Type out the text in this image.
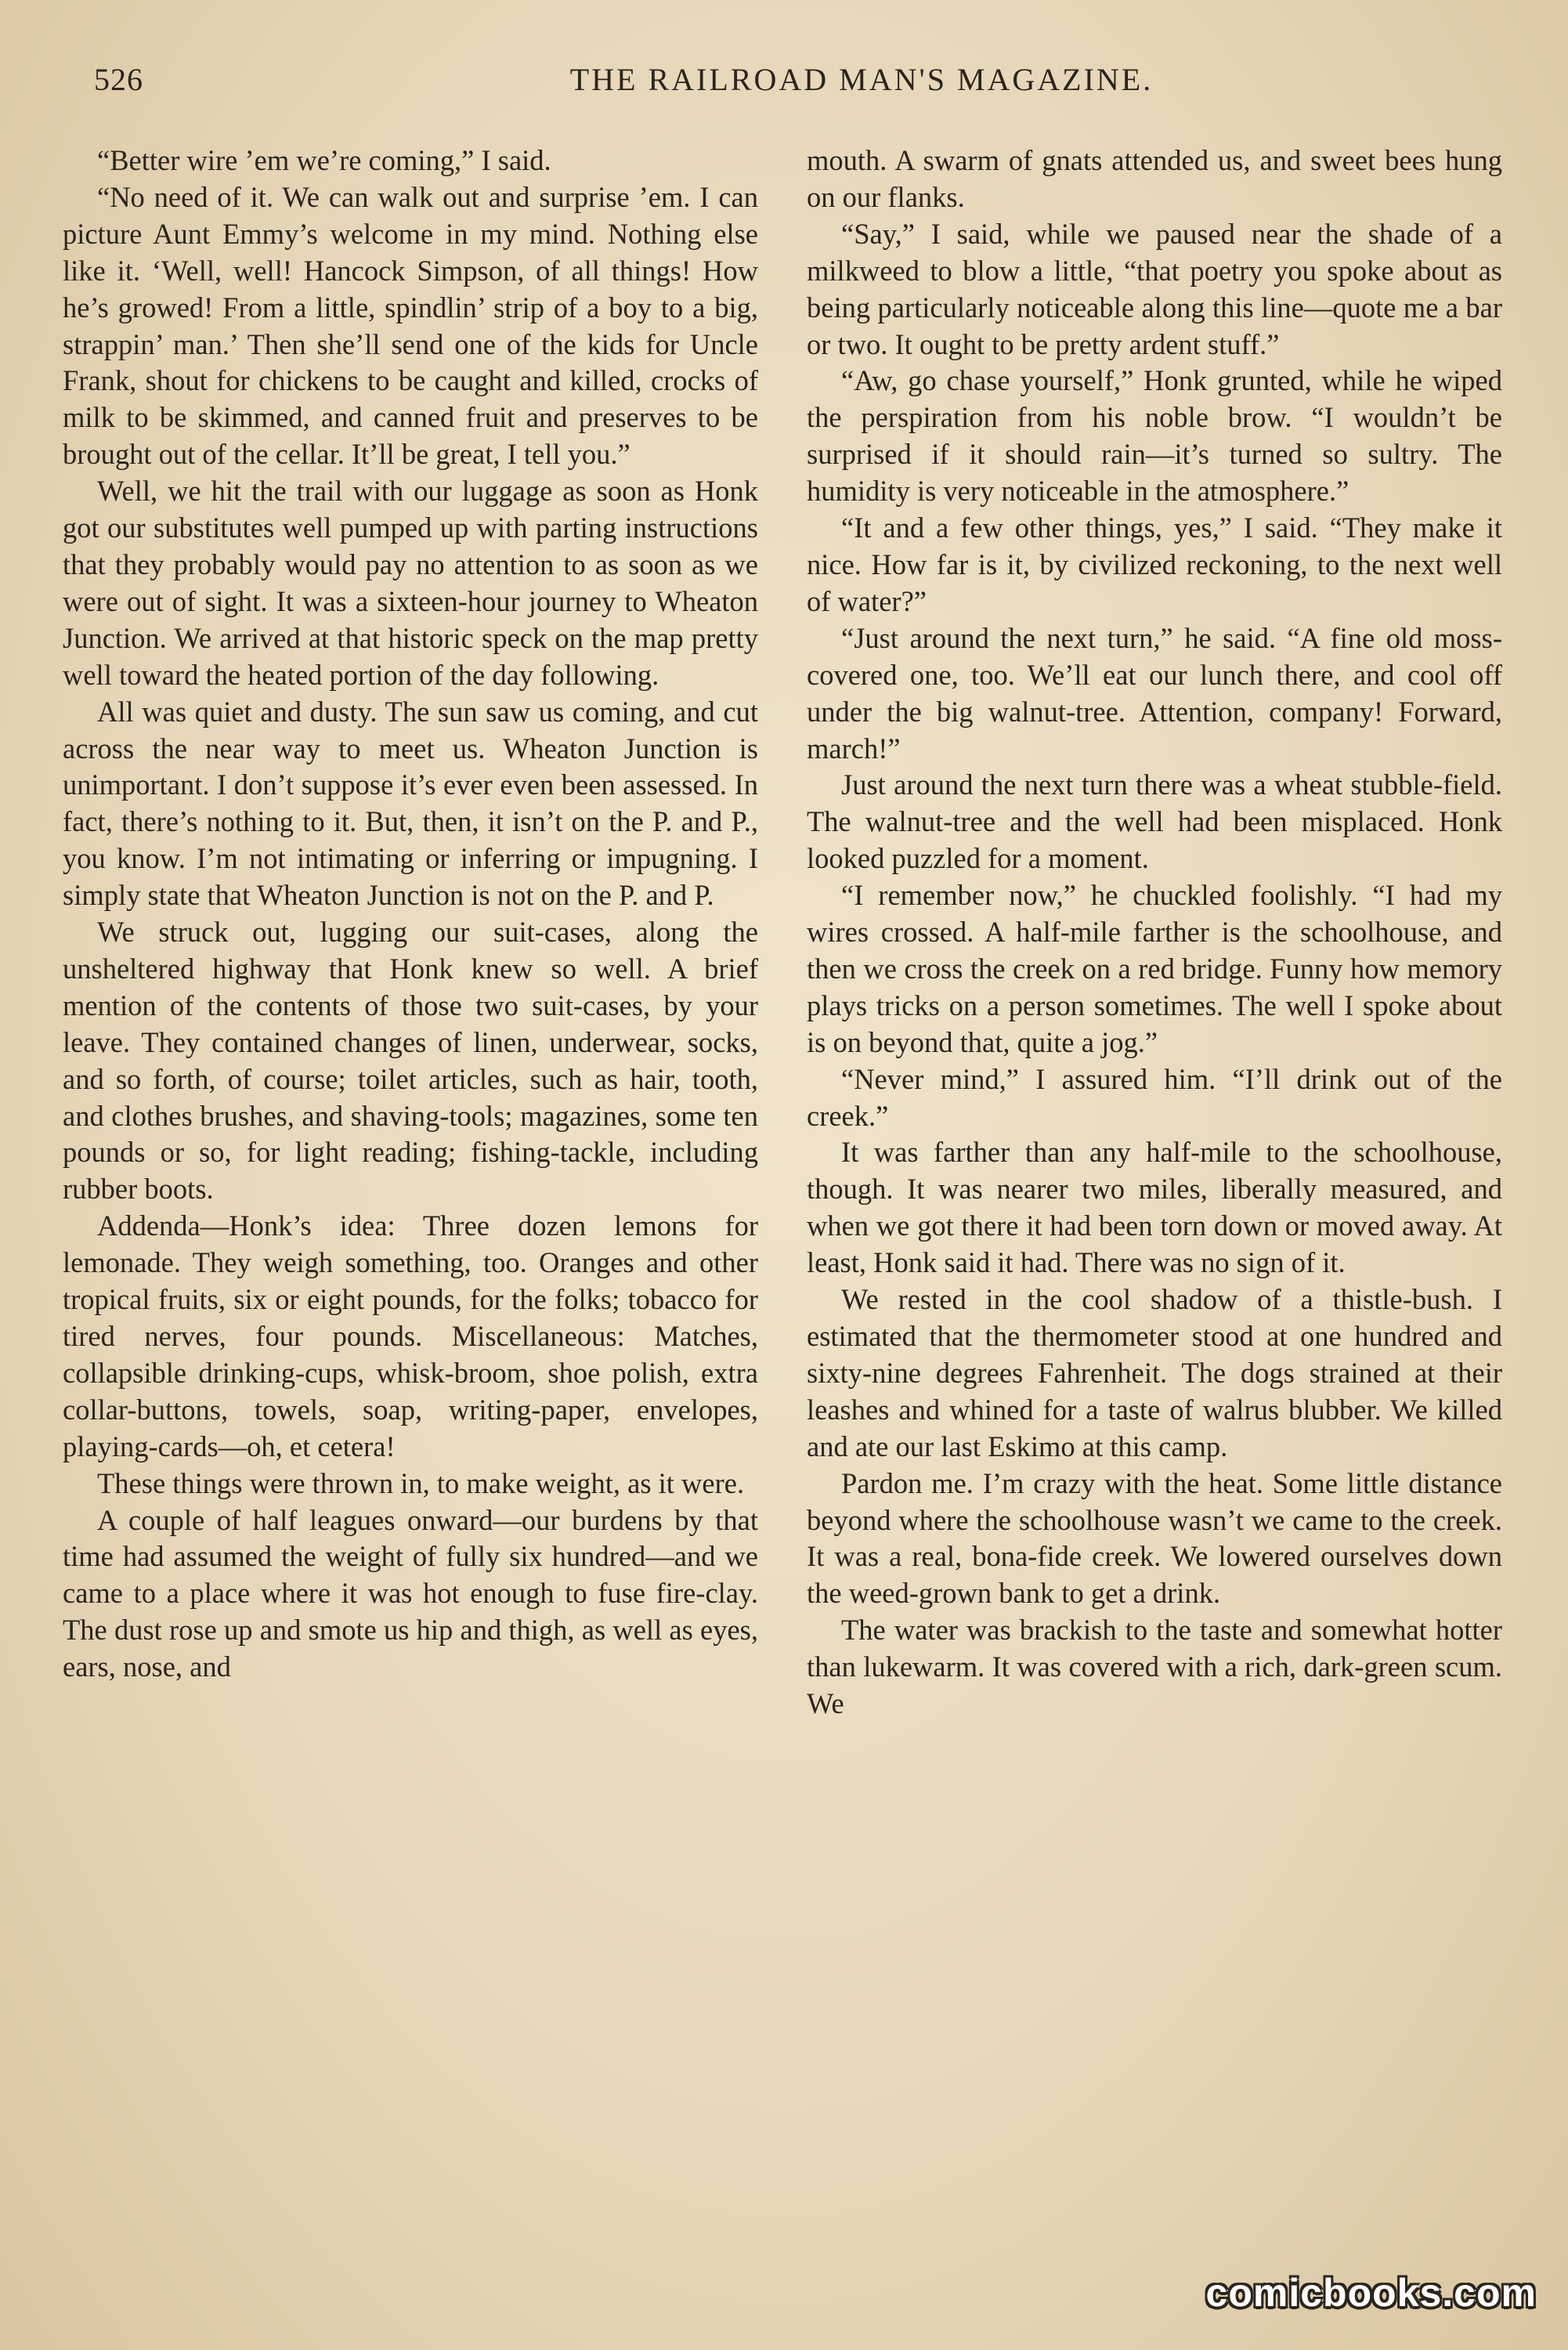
526	THE RAILROAD MAN'S MAGAZINE.

“Better wire ’em we’re coming,” I said.

“No need of it. We can walk out and surprise ’em. I can picture Aunt Emmy’s welcome in my mind. Nothing else like it. ‘Well, well! Hancock Simpson, of all things! How he’s growed! From a little, spindlin’ strip of a boy to a big, strappin’ man.’ Then she’ll send one of the kids for Uncle Frank, shout for chickens to be caught and killed, crocks of milk to be skimmed, and canned fruit and preserves to be brought out of the cellar. It’ll be great, I tell you.”

Well, we hit the trail with our luggage as soon as Honk got our substitutes well pumped up with parting instructions that they probably would pay no attention to as soon as we were out of sight. It was a sixteen-hour journey to Wheaton Junction. We arrived at that historic speck on the map pretty well toward the heated portion of the day following.

All was quiet and dusty. The sun saw us coming, and cut across the near way to meet us. Wheaton Junction is unimportant. I don’t suppose it’s ever even been assessed. In fact, there’s nothing to it. But, then, it isn’t on the P. and P., you know. I’m not intimating or inferring or impugning. I simply state that Wheaton Junction is not on the P. and P.

We struck out, lugging our suit-cases, along the unsheltered highway that Honk knew so well. A brief mention of the contents of those two suit-cases, by your leave. They contained changes of linen, underwear, socks, and so forth, of course; toilet articles, such as hair, tooth, and clothes brushes, and shaving-tools; magazines, some ten pounds or so, for light reading; fishing-tackle, including rubber boots.

Addenda—Honk’s idea: Three dozen lemons for lemonade. They weigh something, too. Oranges and other tropical fruits, six or eight pounds, for the folks; tobacco for tired nerves, four pounds. Miscellaneous: Matches, collapsible drinking-cups, whisk-broom, shoe polish, extra collar-buttons, towels, soap, writing-paper, envelopes, playing-cards—oh, et cetera!

These things were thrown in, to make weight, as it were.

A couple of half leagues onward—our burdens by that time had assumed the weight of fully six hundred—and we came to a place where it was hot enough to fuse fire-clay. The dust rose up and smote us hip and thigh, as well as eyes, ears, nose, and

mouth. A swarm of gnats attended us, and sweet bees hung on our flanks.

“Say,” I said, while we paused near the shade of a milkweed to blow a little, “that poetry you spoke about as being particularly noticeable along this line—quote me a bar or two. It ought to be pretty ardent stuff.”

“Aw, go chase yourself,” Honk grunted, while he wiped the perspiration from his noble brow. “I wouldn’t be surprised if it should rain—it’s turned so sultry. The humidity is very noticeable in the atmosphere.”

“It and a few other things, yes,” I said. “They make it nice. How far is it, by civilized reckoning, to the next well of water?”

“Just around the next turn,” he said. “A fine old moss-covered one, too. We’ll eat our lunch there, and cool off under the big walnut-tree. Attention, company! Forward, march!”

Just around the next turn there was a wheat stubble-field. The walnut-tree and the well had been misplaced. Honk looked puzzled for a moment.

“I remember now,” he chuckled foolishly. “I had my wires crossed. A half-mile farther is the schoolhouse, and then we cross the creek on a red bridge. Funny how memory plays tricks on a person sometimes. The well I spoke about is on beyond that, quite a jog.”

“Never mind,” I assured him. “I’ll drink out of the creek.”

It was farther than any half-mile to the schoolhouse, though. It was nearer two miles, liberally measured, and when we got there it had been torn down or moved away. At least, Honk said it had. There was no sign of it.

We rested in the cool shadow of a thistle-bush. I estimated that the thermometer stood at one hundred and sixty-nine degrees Fahrenheit. The dogs strained at their leashes and whined for a taste of walrus blubber. We killed and ate our last Eskimo at this camp.

Pardon me. I’m crazy with the heat. Some little distance beyond where the schoolhouse wasn’t we came to the creek. It was a real, bona-fide creek. We lowered ourselves down the weed-grown bank to get a drink.

The water was brackish to the taste and somewhat hotter than lukewarm. It was covered with a rich, dark-green scum. We

comicbooks.com
